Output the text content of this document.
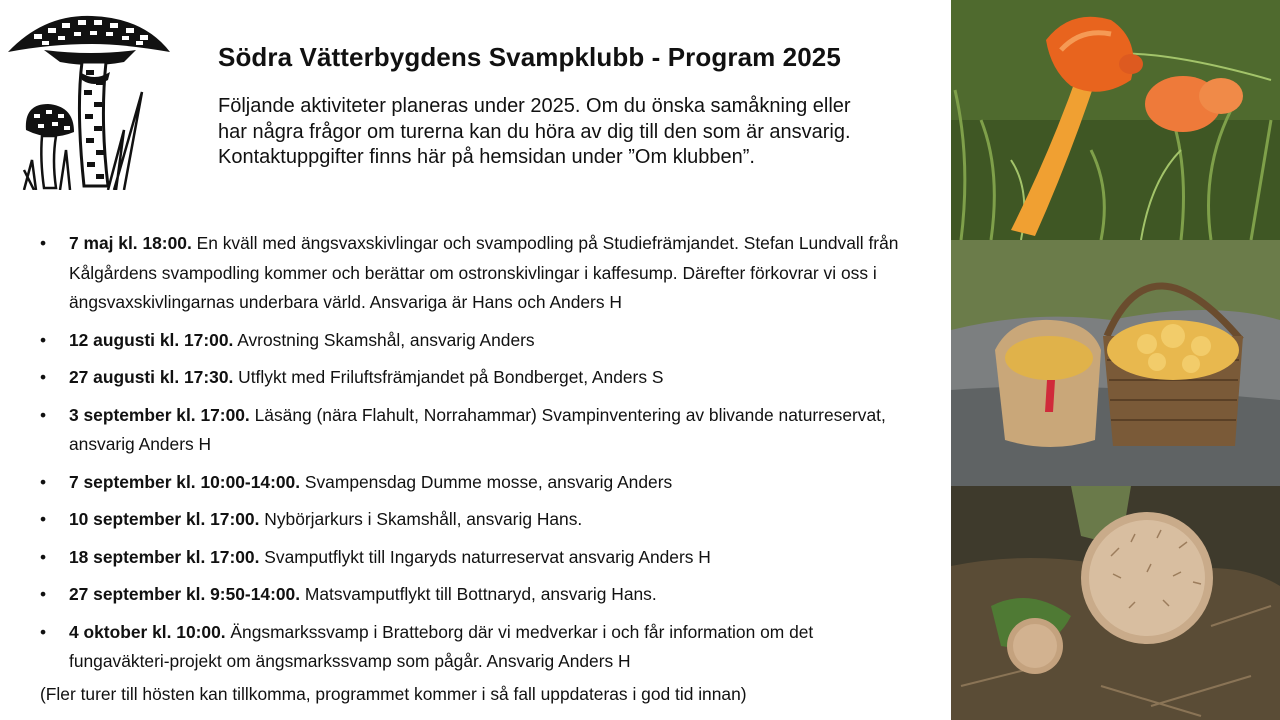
Södra Vätterbygdens Svampklubb - Program 2025
Följande aktiviteter planeras under 2025. Om du önska samåkning eller
har några frågor om turerna kan du höra av dig till den som är ansvarig.
Kontaktuppgifter finns här på hemsidan under ”Om klubben”.
• 7 maj kl. 18:00. En kväll med ängsvaxskivlingar och svampodling på Studiefrämjandet. Stefan Lundvall från Kålgårdens svampodling kommer och berättar om ostronskivlingar i kaffesump. Därefter förkovrar vi oss i ängsvaxskivlingarnas underbara värld. Ansvariga är Hans och Anders H
• 12 augusti kl. 17:00. Avrostning Skamshål, ansvarig Anders
• 27 augusti kl. 17:30. Utflykt med Friluftsfrämjandet på Bondberget, Anders S
• 3 september kl. 17:00. Läsäng (nära Flahult, Norrahammar) Svampinventering av blivande naturreservat, ansvarig Anders H
• 7 september kl. 10:00-14:00. Svampensdag Dumme mosse, ansvarig Anders
• 10 september kl. 17:00. Nybörjarkurs i Skamshåll, ansvarig Hans.
• 18 september kl. 17:00. Svamputflykt till Ingaryds naturreservat ansvarig Anders H
• 27 september kl. 9:50-14:00. Matsvamputflykt till Bottnaryd, ansvarig Hans.
• 4 oktober kl. 10:00. Ängsmarkssvamp i Bratteborg där vi medverkar i och får information om det fungaväkteri-projekt om ängsmarkssvamp som pågår. Ansvarig Anders H
(Fler turer till hösten kan tillkomma, programmet kommer i så fall uppdateras i god tid innan)
